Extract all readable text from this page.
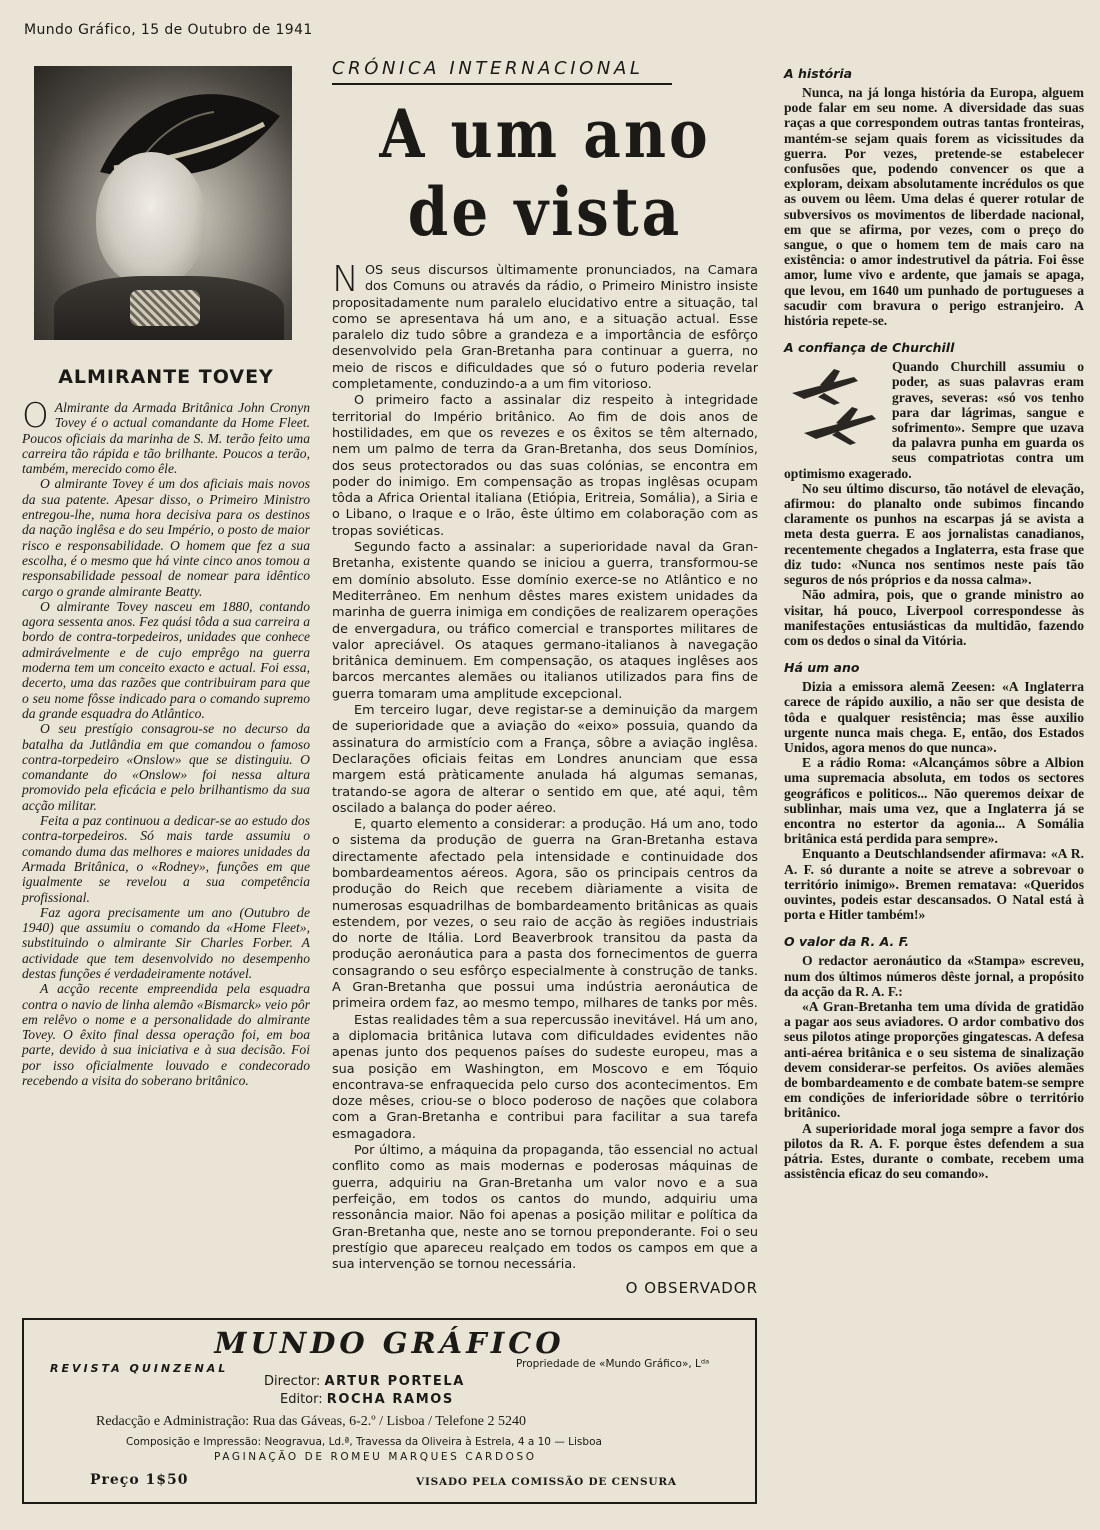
Mundo Gráfico, 15 de Outubro de 1941
ALMIRANTE TOVEY

O Almirante da Armada Britânica John Cronyn Tovey é o actual comandante da Home Fleet. Poucos oficiais da marinha de S. M. terão feito uma carreira tão rápida e tão brilhante. Poucos a terão, também, merecido como êle.

O almirante Tovey é um dos aficiais mais novos da sua patente. Apesar disso, o Primeiro Ministro entregou-lhe, numa hora decisiva para os destinos da nação inglêsa e do seu Império, o posto de maior risco e responsabilidade. O homem que fez a sua escolha, é o mesmo que há vinte cinco anos tomou a responsabilidade pessoal de nomear para idêntico cargo o grande almirante Beatty.

O almirante Tovey nasceu em 1880, contando agora sessenta anos. Fez quási tôda a sua carreira a bordo de contra-torpedeiros, unidades que conhece admirávelmente e de cujo emprêgo na guerra moderna tem um conceito exacto e actual. Foi essa, decerto, uma das razões que contribuiram para que o seu nome fôsse indicado para o comando supremo da grande esquadra do Atlântico.

O seu prestígio consagrou-se no decurso da batalha da Jutlândia em que comandou o famoso contra-torpedeiro «Onslow» que se distinguiu. O comandante do «Onslow» foi nessa altura promovido pela eficácia e pelo brilhantismo da sua acção militar.

Feita a paz continuou a dedicar-se ao estudo dos contra-torpedeiros. Só mais tarde assumiu o comando duma das melhores e maiores unidades da Armada Britânica, o «Rodney», funções em que igualmente se revelou a sua competência profissional.

Faz agora precisamente um ano (Outubro de 1940) que assumiu o comando da «Home Fleet», substituindo o almirante Sir Charles Forber. A actividade que tem desenvolvido no desempenho destas funções é verdadeiramente notável.

A acção recente empreendida pela esquadra contra o navio de linha alemão «Bismarck» veio pôr em relêvo o nome e a personalidade do almirante Tovey. O êxito final dessa operação foi, em boa parte, devido à sua iniciativa e à sua decisão. Foi por isso oficialmente louvado e condecorado recebendo a visita do soberano britânico.

CRÓNICA INTERNACIONAL
A um ano de vista

NOS seus discursos ùltimamente pronunciados, na Camara dos Comuns ou através da rádio, o Primeiro Ministro insiste propositadamente num paralelo elucidativo entre a situação, tal como se apresentava há um ano, e a situação actual. Esse paralelo diz tudo sôbre a grandeza e a importância de esfôrço desenvolvido pela Gran-Bretanha para continuar a guerra, no meio de riscos e dificuldades que só o futuro poderia revelar completamente, conduzindo-a a um fim vitorioso.

O primeiro facto a assinalar diz respeito à integridade territorial do Império britânico. Ao fim de dois anos de hostilidades, em que os revezes e os êxitos se têm alternado, nem um palmo de terra da Gran-Bretanha, dos seus Domínios, dos seus protectorados ou das suas colónias, se encontra em poder do inimigo. Em compensação as tropas inglêsas ocupam tôda a Africa Oriental italiana (Etiópia, Eritreia, Somália), a Siria e o Libano, o Iraque e o Irão, êste último em colaboração com as tropas soviéticas.

Segundo facto a assinalar: a superioridade naval da Gran-Bretanha, existente quando se iniciou a guerra, transformou-se em domínio absoluto. Esse domínio exerce-se no Atlântico e no Mediterrâneo. Em nenhum dêstes mares existem unidades da marinha de guerra inimiga em condições de realizarem operações de envergadura, ou tráfico comercial e transportes militares de valor apreciável. Os ataques germano-italianos à navegação britânica deminuem. Em compensação, os ataques inglêses aos barcos mercantes alemães ou italianos utilizados para fins de guerra tomaram uma amplitude excepcional.

Em terceiro lugar, deve registar-se a deminuição da margem de superioridade que a aviação do «eixo» possuia, quando da assinatura do armistício com a França, sôbre a aviação inglêsa. Declarações oficiais feitas em Londres anunciam que essa margem está pràticamente anulada há algumas semanas, tratando-se agora de alterar o sentido em que, até aqui, têm oscilado a balança do poder aéreo.

E, quarto elemento a considerar: a produção. Há um ano, todo o sistema da produção de guerra na Gran-Bretanha estava directamente afectado pela intensidade e continuidade dos bombardeamentos aéreos. Agora, são os principais centros da produção do Reich que recebem diàriamente a visita de numerosas esquadrilhas de bombardeamento britânicas as quais estendem, por vezes, o seu raio de acção às regiões industriais do norte de Itália. Lord Beaverbrook transitou da pasta da produção aeronáutica para a pasta dos fornecimentos de guerra consagrando o seu esfôrço especialmente à construção de tanks. A Gran-Bretanha que possui uma indústria aeronáutica de primeira ordem faz, ao mesmo tempo, milhares de tanks por mês.

Estas realidades têm a sua repercussão inevitável. Há um ano, a diplomacia britânica lutava com dificuldades evidentes não apenas junto dos pequenos países do sudeste europeu, mas a sua posição em Washington, em Moscovo e em Tóquio encontrava-se enfraquecida pelo curso dos acontecimentos. Em doze mêses, criou-se o bloco poderoso de nações que colabora com a Gran-Bretanha e contribui para facilitar a sua tarefa esmagadora.

Por último, a máquina da propaganda, tão essencial no actual conflito como as mais modernas e poderosas máquinas de guerra, adquiriu na Gran-Bretanha um valor novo e a sua perfeição, em todos os cantos do mundo, adquiriu uma ressonância maior. Não foi apenas a posição militar e política da Gran-Bretanha que, neste ano se tornou preponderante. Foi o seu prestígio que apareceu realçado em todos os campos em que a sua intervenção se tornou necessária.

O OBSERVADOR
A história

Nunca, na já longa história da Europa, alguem pode falar em seu nome. A diversidade das suas raças a que correspondem outras tantas fronteiras, mantém-se sejam quais forem as vicissitudes da guerra. Por vezes, pretende-se estabelecer confusões que, podendo convencer os que a exploram, deixam absolutamente incrédulos os que as ouvem ou lêem. Uma delas é querer rotular de subversivos os movimentos de liberdade nacional, em que se afirma, por vezes, com o preço do sangue, o que o homem tem de mais caro na existência: o amor indestrutivel da pátria. Foi êsse amor, lume vivo e ardente, que jamais se apaga, que levou, em 1640 um punhado de portugueses a sacudir com bravura o perigo estranjeiro. A história repete-se.

A confiança de Churchill

Quando Churchill assumiu o poder, as suas palavras eram graves, severas: «só vos tenho para dar lágrimas, sangue e sofrimento». Sempre que uzava da palavra punha em guarda os seus compatriotas contra um optimismo exagerado.

No seu último discurso, tão notável de elevação, afirmou: do planalto onde subimos fincando claramente os punhos na escarpas já se avista a meta desta guerra. E aos jornalistas canadianos, recentemente chegados a Inglaterra, esta frase que diz tudo: «Nunca nos sentimos neste país tão seguros de nós próprios e da nossa calma».

Não admira, pois, que o grande ministro ao visitar, há pouco, Liverpool correspondesse às manifestações entusiásticas da multidão, fazendo com os dedos o sinal da Vitória.

Há um ano

Dizia a emissora alemã Zeesen: «A Inglaterra carece de rápido auxilio, a não ser que desista de tôda e qualquer resistência; mas êsse auxilio urgente nunca mais chega. E, então, dos Estados Unidos, agora menos do que nunca».

E a rádio Roma: «Alcançámos sôbre a Albion uma supremacia absoluta, em todos os sectores geográficos e politicos... Não queremos deixar de sublinhar, mais uma vez, que a Inglaterra já se encontra no estertor da agonia... A Somália britânica está perdida para sempre».

Enquanto a Deutschlandsender afirmava: «A R. A. F. só durante a noite se atreve a sobrevoar o território inimigo». Bremen rematava: «Queridos ouvintes, podeis estar descansados. O Natal está à porta e Hitler também!»

O valor da R. A. F.

O redactor aeronáutico da «Stampa» escreveu, num dos últimos números dêste jornal, a propósito da acção da R. A. F.:

«A Gran-Bretanha tem uma dívida de gratidão a pagar aos seus aviadores. O ardor combativo dos seus pilotos atinge proporções gingatescas. A defesa anti-aérea britânica e o seu sistema de sinalização devem considerar-se perfeitos. Os aviões alemães de bombardeamento e de combate batem-se sempre em condições de inferioridade sôbre o território britânico.

A superioridade moral joga sempre a favor dos pilotos da R. A. F. porque êstes defendem a sua pátria. Estes, durante o combate, recebem uma assistência eficaz do seu comando».

MUNDO GRÁFICO
REVISTA QUINZENAL	Propriedade de «Mundo Gráfico», Lᵈᵃ
Director: ARTUR PORTELA
Editor: ROCHA RAMOS
Redacção e Administração: Rua das Gáveas, 6-2.º / Lisboa / Telefone 2 5240
Composição e Impressão: Neogravua, Ld.ª, Travessa da Oliveira à Estrela, 4 a 10 — Lisboa
PAGINAÇÃO DE ROMEU MARQUES CARDOSO
Preço 1$50	VISADO PELA COMISSÃO DE CENSURA
